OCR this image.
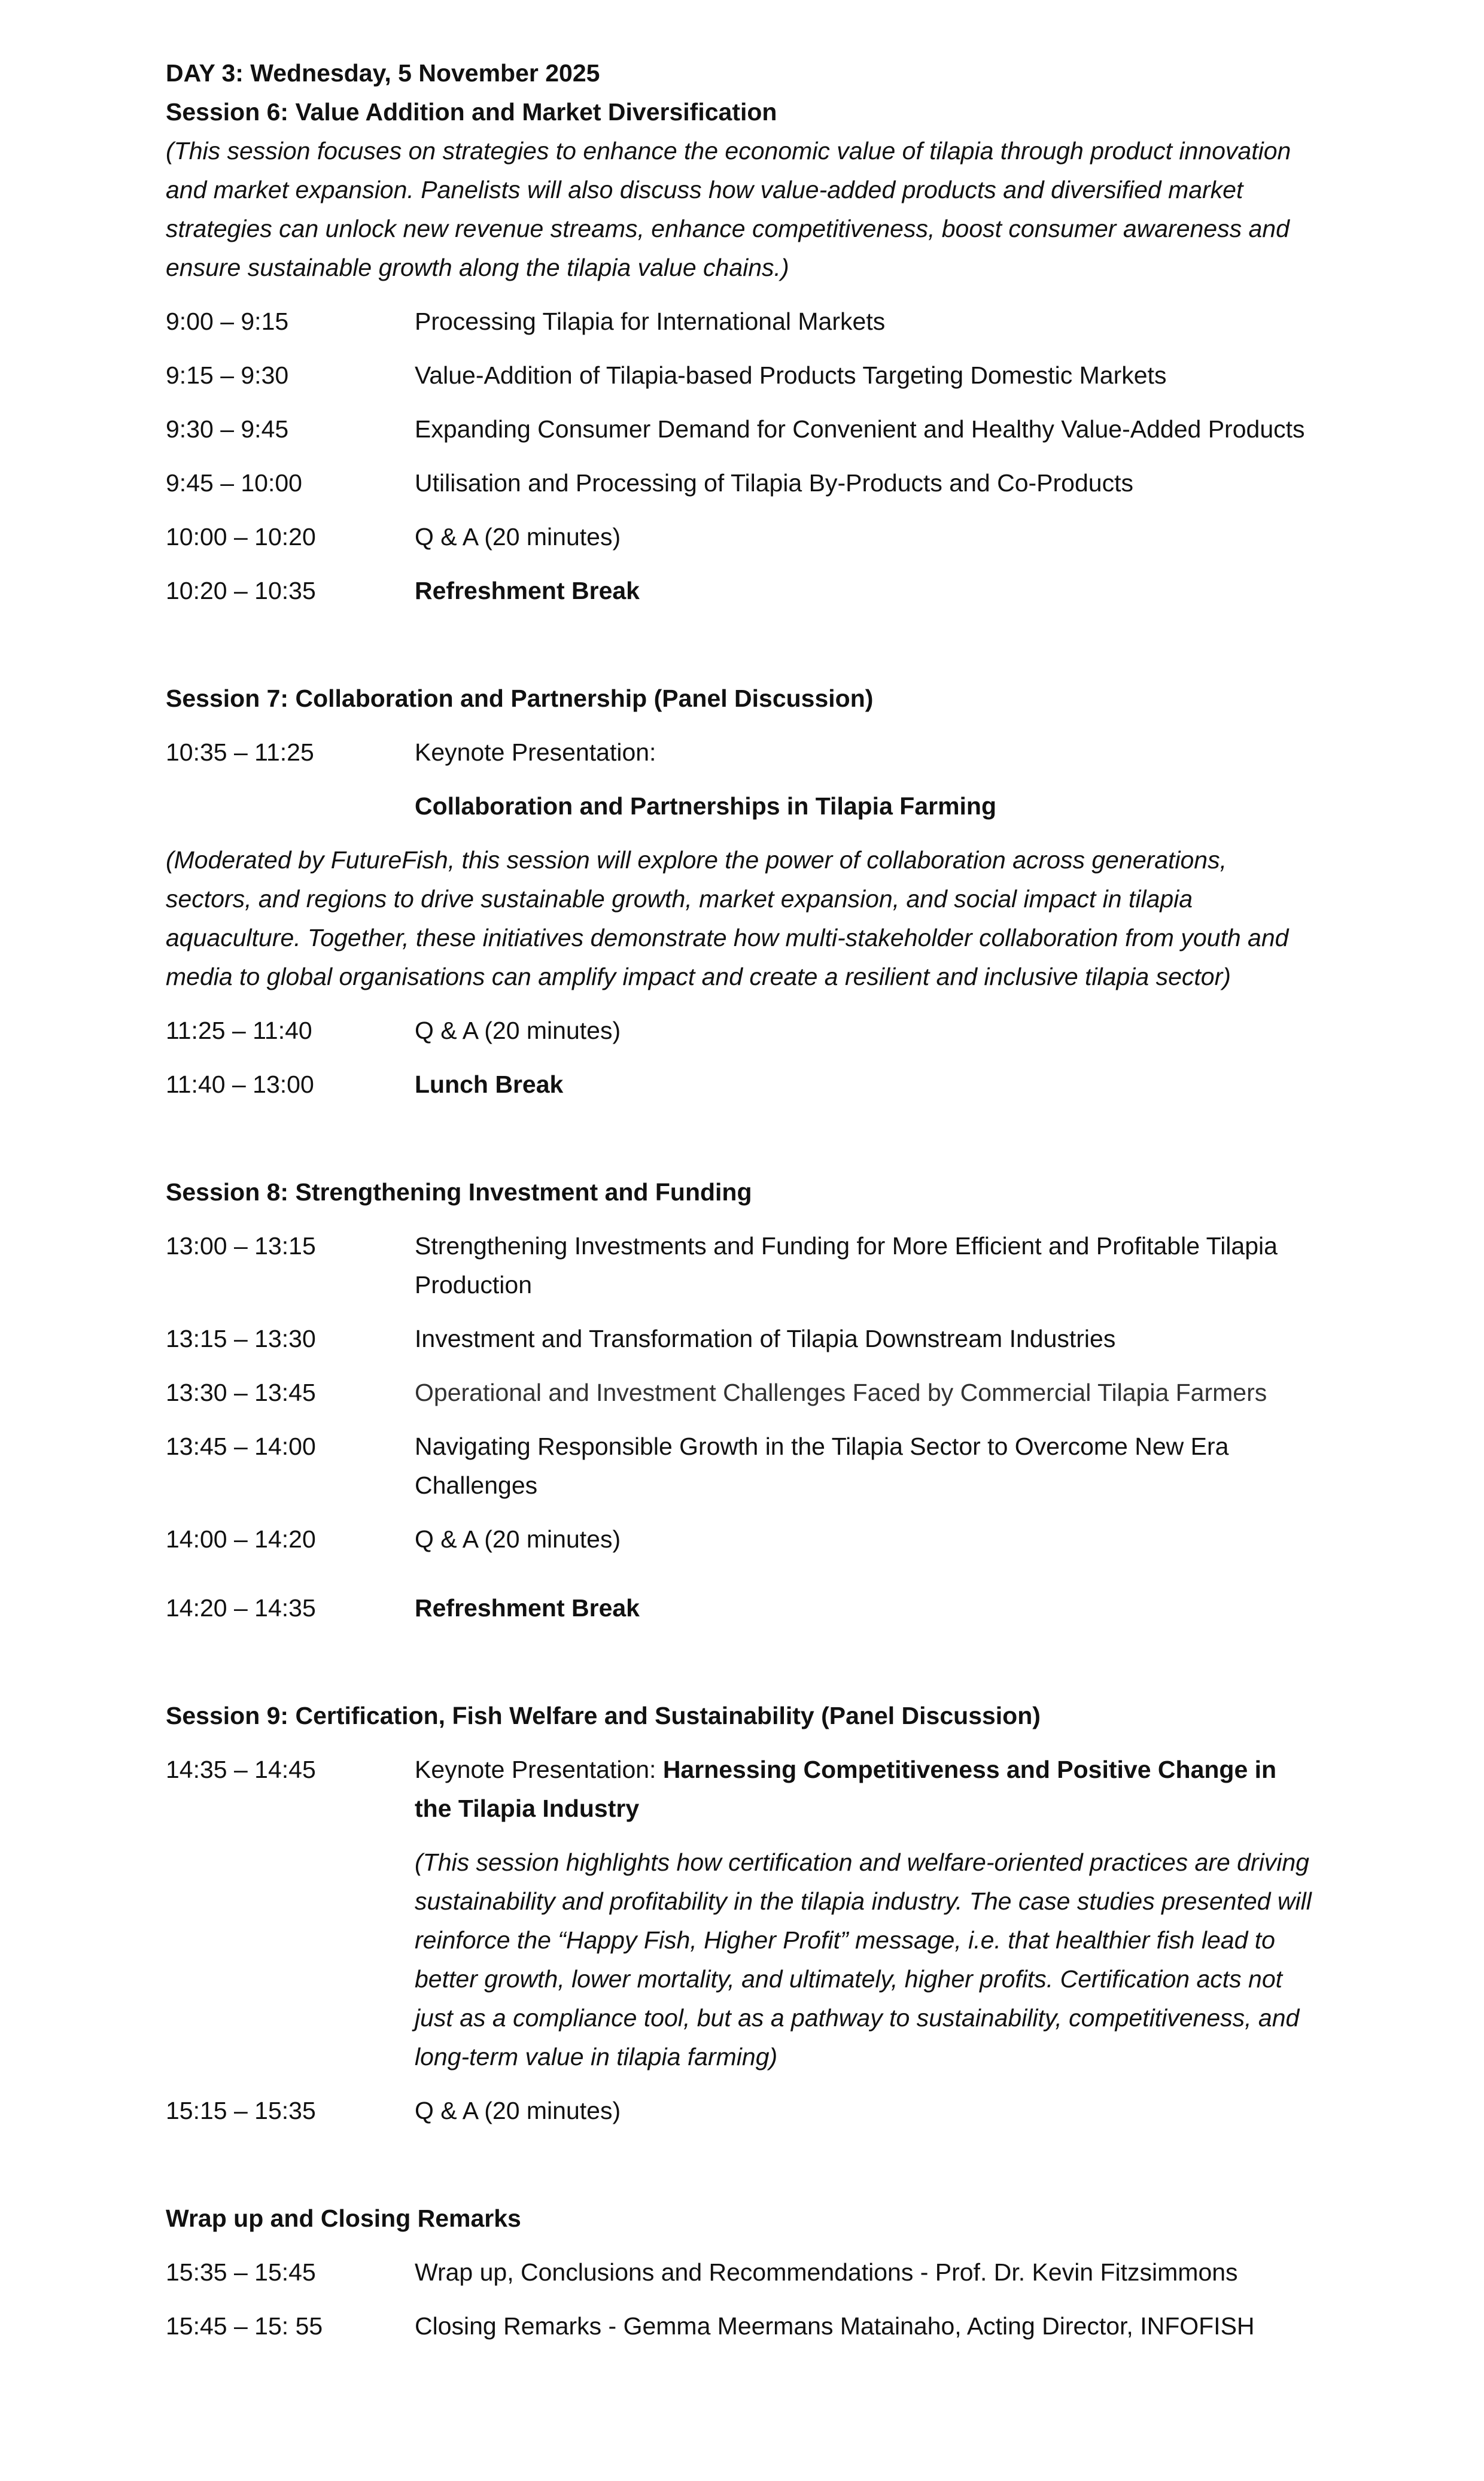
DAY 3: Wednesday, 5 November 2025

Session 6: Value Addition and Market Diversification

(This session focuses on strategies to enhance the economic value of tilapia through product innovation and market expansion. Panelists will also discuss how value-added products and diversified market strategies can unlock new revenue streams, enhance competitiveness, boost consumer awareness and ensure sustainable growth along the tilapia value chains.)

9:00 – 9:15	Processing Tilapia for International Markets
9:15 – 9:30	Value-Addition of Tilapia-based Products Targeting Domestic Markets
9:30 – 9:45	Expanding Consumer Demand for Convenient and Healthy Value-Added Products
9:45 – 10:00	Utilisation and Processing of Tilapia By-Products and Co-Products
10:00 – 10:20	Q & A (20 minutes)
10:20 – 10:35	Refreshment Break

Session 7: Collaboration and Partnership (Panel Discussion)

10:35 – 11:25	Keynote Presentation:
Collaboration and Partnerships in Tilapia Farming

(Moderated by FutureFish, this session will explore the power of collaboration across generations, sectors, and regions to drive sustainable growth, market expansion, and social impact in tilapia aquaculture. Together, these initiatives demonstrate how multi-stakeholder collaboration from youth and media to global organisations can amplify impact and create a resilient and inclusive tilapia sector)

11:25 – 11:40	Q & A (20 minutes)
11:40 – 13:00	Lunch Break

Session 8: Strengthening Investment and Funding

13:00 – 13:15	Strengthening Investments and Funding for More Efficient and Profitable Tilapia Production
13:15 – 13:30	Investment and Transformation of Tilapia Downstream Industries
13:30 – 13:45	Operational and Investment Challenges Faced by Commercial Tilapia Farmers
13:45 – 14:00	Navigating Responsible Growth in the Tilapia Sector to Overcome New Era Challenges
14:00 – 14:20	Q & A (20 minutes)
14:20 – 14:35	Refreshment Break

Session 9: Certification, Fish Welfare and Sustainability (Panel Discussion)

14:35 – 14:45	Keynote Presentation: Harnessing Competitiveness and Positive Change in the Tilapia Industry
(This session highlights how certification and welfare-oriented practices are driving sustainability and profitability in the tilapia industry. The case studies presented will reinforce the “Happy Fish, Higher Profit” message, i.e. that healthier fish lead to better growth, lower mortality, and ultimately, higher profits. Certification acts not just as a compliance tool, but as a pathway to sustainability, competitiveness, and long-term value in tilapia farming)
15:15 – 15:35	Q & A (20 minutes)

Wrap up and Closing Remarks

15:35 – 15:45	Wrap up, Conclusions and Recommendations - Prof. Dr. Kevin Fitzsimmons
15:45 – 15: 55	Closing Remarks - Gemma Meermans Matainaho, Acting Director, INFOFISH
